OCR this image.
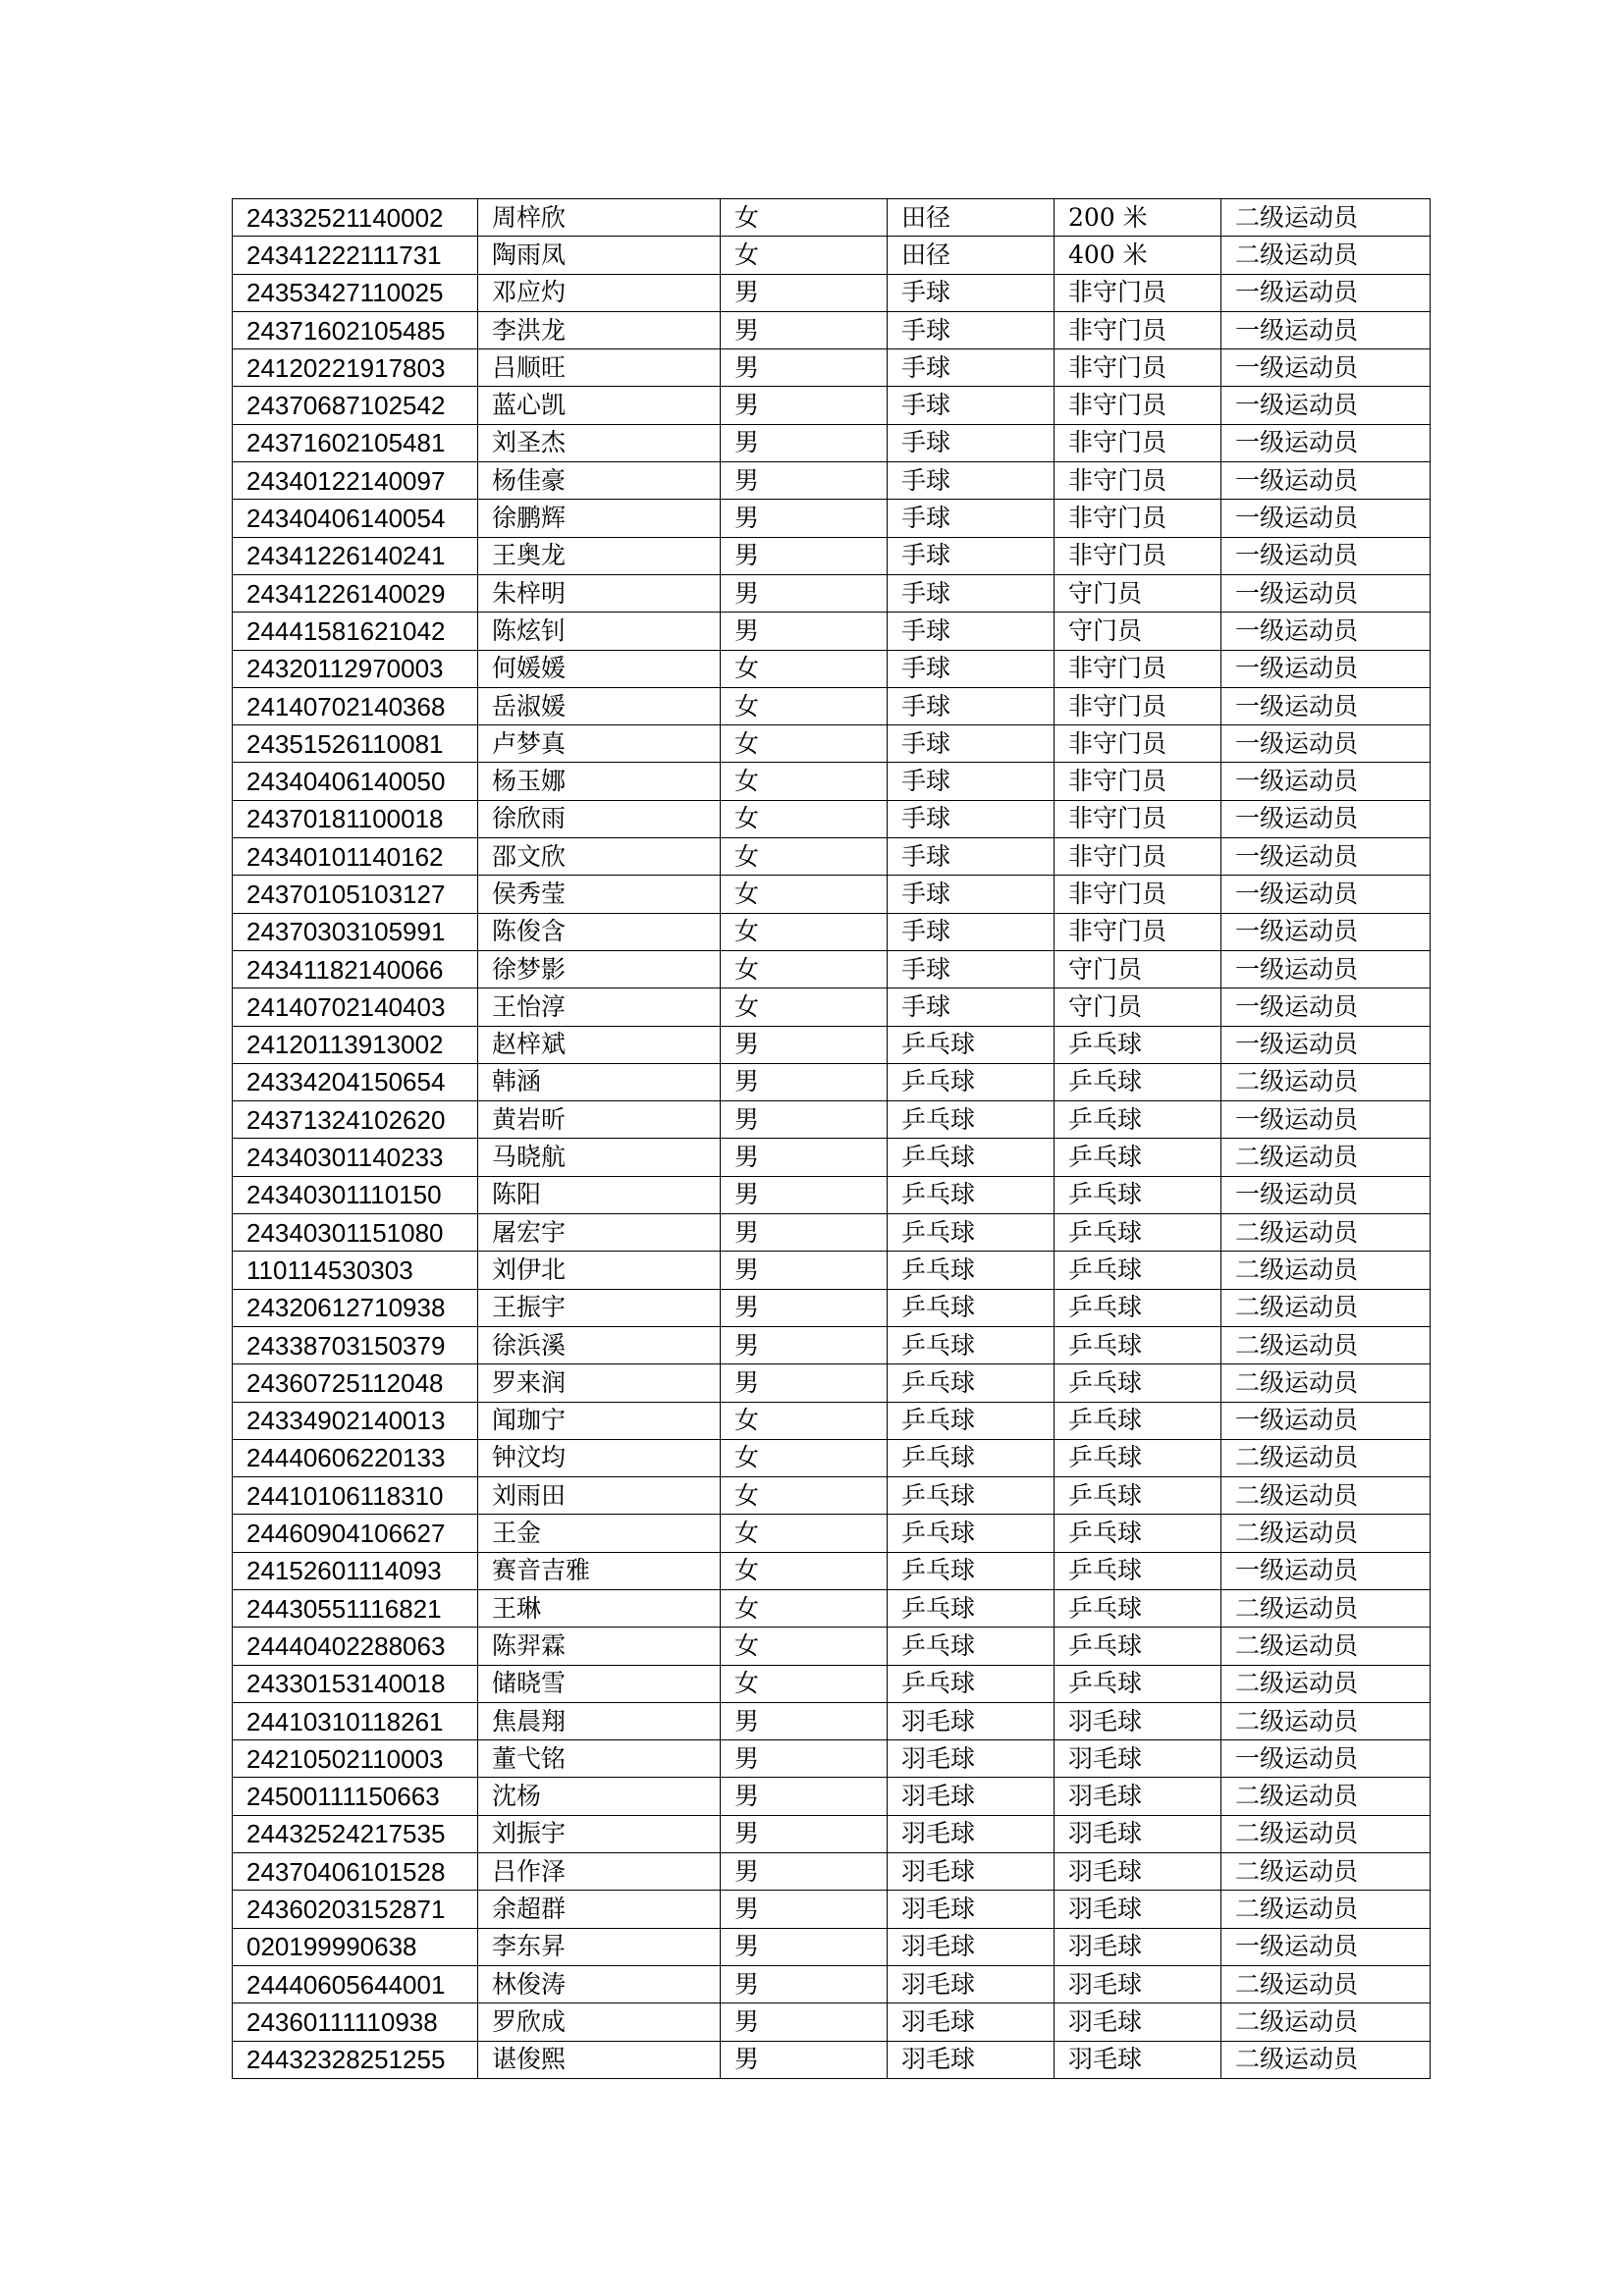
24332521140002	周梓欣	女	田径	200 米	二级运动员
24341222111731	陶雨凤	女	田径	400 米	二级运动员
24353427110025	邓应灼	男	手球	非守门员	一级运动员
24371602105485	李洪龙	男	手球	非守门员	一级运动员
24120221917803	吕顺旺	男	手球	非守门员	一级运动员
24370687102542	蓝心凯	男	手球	非守门员	一级运动员
24371602105481	刘圣杰	男	手球	非守门员	一级运动员
24340122140097	杨佳豪	男	手球	非守门员	一级运动员
24340406140054	徐鹏辉	男	手球	非守门员	一级运动员
24341226140241	王奥龙	男	手球	非守门员	一级运动员
24341226140029	朱梓明	男	手球	守门员	一级运动员
24441581621042	陈炫钊	男	手球	守门员	一级运动员
24320112970003	何媛媛	女	手球	非守门员	一级运动员
24140702140368	岳淑媛	女	手球	非守门员	一级运动员
24351526110081	卢梦真	女	手球	非守门员	一级运动员
24340406140050	杨玉娜	女	手球	非守门员	一级运动员
24370181100018	徐欣雨	女	手球	非守门员	一级运动员
24340101140162	邵文欣	女	手球	非守门员	一级运动员
24370105103127	侯秀莹	女	手球	非守门员	一级运动员
24370303105991	陈俊含	女	手球	非守门员	一级运动员
24341182140066	徐梦影	女	手球	守门员	一级运动员
24140702140403	王怡淳	女	手球	守门员	一级运动员
24120113913002	赵梓斌	男	乒乓球	乒乓球	一级运动员
24334204150654	韩涵	男	乒乓球	乒乓球	二级运动员
24371324102620	黄岩昕	男	乒乓球	乒乓球	一级运动员
24340301140233	马晓航	男	乒乓球	乒乓球	二级运动员
24340301110150	陈阳	男	乒乓球	乒乓球	一级运动员
24340301151080	屠宏宇	男	乒乓球	乒乓球	二级运动员
110114530303	刘伊北	男	乒乓球	乒乓球	二级运动员
24320612710938	王振宇	男	乒乓球	乒乓球	二级运动员
24338703150379	徐浜溪	男	乒乓球	乒乓球	二级运动员
24360725112048	罗来润	男	乒乓球	乒乓球	二级运动员
24334902140013	闻珈宁	女	乒乓球	乒乓球	一级运动员
24440606220133	钟汶均	女	乒乓球	乒乓球	二级运动员
24410106118310	刘雨田	女	乒乓球	乒乓球	二级运动员
24460904106627	王金	女	乒乓球	乒乓球	二级运动员
24152601114093	赛音吉雅	女	乒乓球	乒乓球	一级运动员
24430551116821	王琳	女	乒乓球	乒乓球	二级运动员
24440402288063	陈羿霖	女	乒乓球	乒乓球	二级运动员
24330153140018	储晓雪	女	乒乓球	乒乓球	二级运动员
24410310118261	焦晨翔	男	羽毛球	羽毛球	二级运动员
24210502110003	董弋铭	男	羽毛球	羽毛球	一级运动员
24500111150663	沈杨	男	羽毛球	羽毛球	二级运动员
24432524217535	刘振宇	男	羽毛球	羽毛球	二级运动员
24370406101528	吕作泽	男	羽毛球	羽毛球	二级运动员
24360203152871	余超群	男	羽毛球	羽毛球	二级运动员
020199990638	李东昇	男	羽毛球	羽毛球	一级运动员
24440605644001	林俊涛	男	羽毛球	羽毛球	二级运动员
24360111110938	罗欣成	男	羽毛球	羽毛球	二级运动员
24432328251255	谌俊熙	男	羽毛球	羽毛球	二级运动员
